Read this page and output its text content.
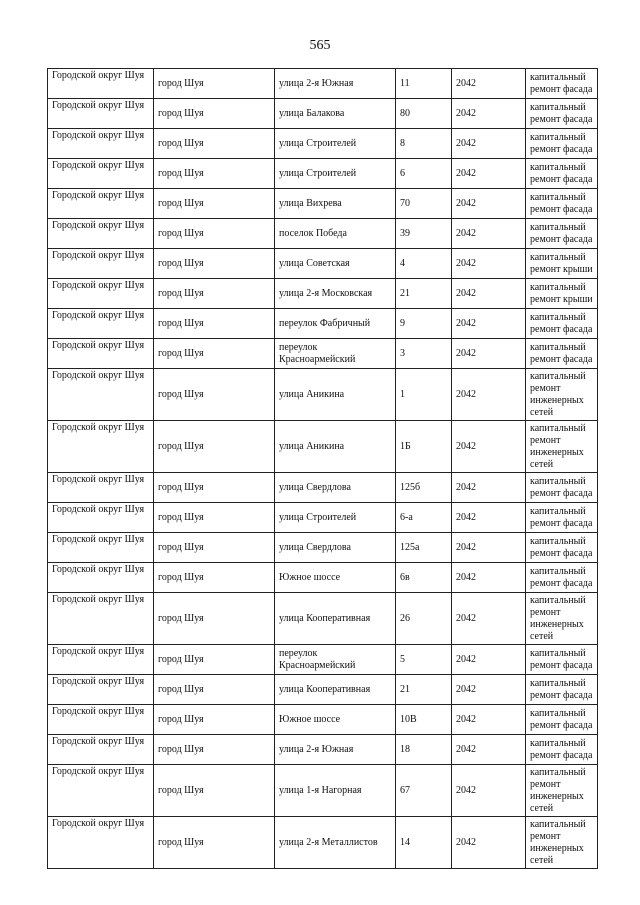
565
Городской округ Шуя	город Шуя	улица 2-я Южная	11	2042	капитальный ремонт фасада
Городской округ Шуя	город Шуя	улица Балакова	80	2042	капитальный ремонт фасада
Городской округ Шуя	город Шуя	улица Строителей	8	2042	капитальный ремонт фасада
Городской округ Шуя	город Шуя	улица Строителей	6	2042	капитальный ремонт фасада
Городской округ Шуя	город Шуя	улица Вихрева	70	2042	капитальный ремонт фасада
Городской округ Шуя	город Шуя	поселок Победа	39	2042	капитальный ремонт фасада
Городской округ Шуя	город Шуя	улица Советская	4	2042	капитальный ремонт крыши
Городской округ Шуя	город Шуя	улица 2-я Московская	21	2042	капитальный ремонт крыши
Городской округ Шуя	город Шуя	переулок Фабричный	9	2042	капитальный ремонт фасада
Городской округ Шуя	город Шуя	переулок Красноармейский	3	2042	капитальный ремонт фасада
Городской округ Шуя	город Шуя	улица Аникина	1	2042	капитальный ремонт инженерных сетей
Городской округ Шуя	город Шуя	улица Аникина	1Б	2042	капитальный ремонт инженерных сетей
Городской округ Шуя	город Шуя	улица Свердлова	125б	2042	капитальный ремонт фасада
Городской округ Шуя	город Шуя	улица Строителей	6-а	2042	капитальный ремонт фасада
Городской округ Шуя	город Шуя	улица Свердлова	125а	2042	капитальный ремонт фасада
Городской округ Шуя	город Шуя	Южное шоссе	6в	2042	капитальный ремонт фасада
Городской округ Шуя	город Шуя	улица Кооперативная	26	2042	капитальный ремонт инженерных сетей
Городской округ Шуя	город Шуя	переулок Красноармейский	5	2042	капитальный ремонт фасада
Городской округ Шуя	город Шуя	улица Кооперативная	21	2042	капитальный ремонт фасада
Городской округ Шуя	город Шуя	Южное шоссе	10В	2042	капитальный ремонт фасада
Городской округ Шуя	город Шуя	улица 2-я Южная	18	2042	капитальный ремонт фасада
Городской округ Шуя	город Шуя	улица 1-я Нагорная	67	2042	капитальный ремонт инженерных сетей
Городской округ Шуя	город Шуя	улица 2-я Металлистов	14	2042	капитальный ремонт инженерных сетей
